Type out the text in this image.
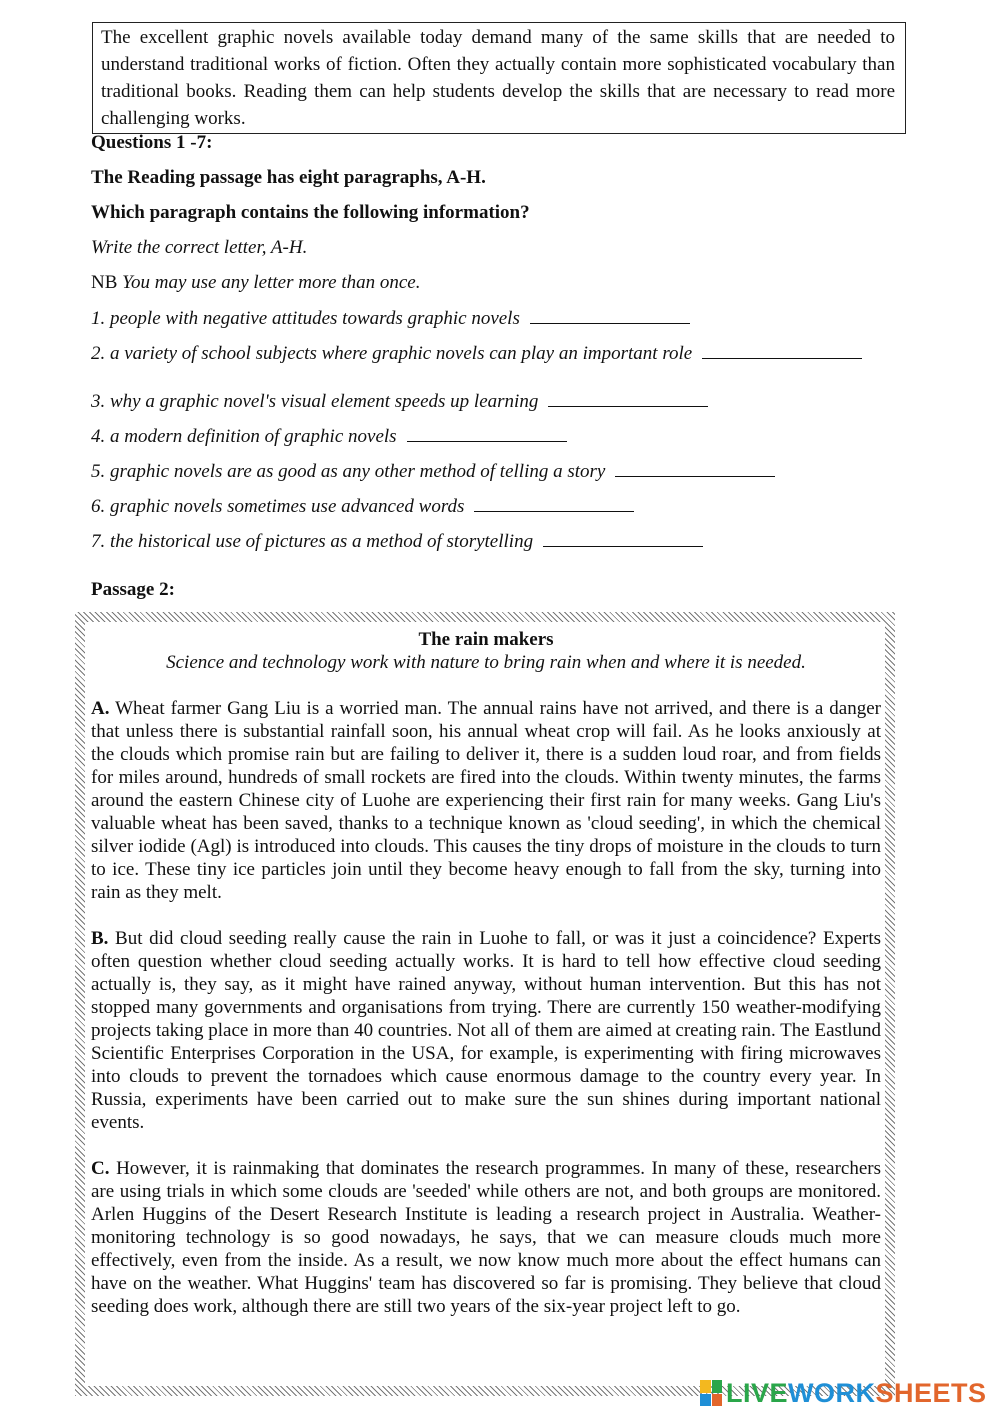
The excellent graphic novels available today demand many of the same skills that are needed to understand traditional works of fiction. Often they actually contain more sophisticated vocabulary than traditional books. Reading them can help students develop the skills that are necessary to read more challenging works.
Questions 1 -7:
The Reading passage has eight paragraphs, A-H.
Which paragraph contains the following information?
Write the correct letter, A-H.
NB You may use any letter more than once.
1. people with negative attitudes towards graphic novels
2. a variety of school subjects where graphic novels can play an important role
3. why a graphic novel's visual element speeds up learning
4. a modern definition of graphic novels
5. graphic novels are as good as any other method of telling a story
6. graphic novels sometimes use advanced words
7. the historical use of pictures as a method of storytelling
Passage 2:
The rain makers
Science and technology work with nature to bring rain when and where it is needed.

A. Wheat farmer Gang Liu is a worried man. The annual rains have not arrived, and there is a danger that unless there is substantial rainfall soon, his annual wheat crop will fail. As he looks anxiously at the clouds which promise rain but are failing to deliver it, there is a sudden loud roar, and from fields for miles around, hundreds of small rockets are fired into the clouds. Within twenty minutes, the farms around the eastern Chinese city of Luohe are experiencing their first rain for many weeks. Gang Liu's valuable wheat has been saved, thanks to a technique known as 'cloud seeding', in which the chemical silver iodide (Agl) is introduced into clouds. This causes the tiny drops of moisture in the clouds to turn to ice. These tiny ice particles join until they become heavy enough to fall from the sky, turning into rain as they melt.

B. But did cloud seeding really cause the rain in Luohe to fall, or was it just a coincidence? Experts often question whether cloud seeding actually works. It is hard to tell how effective cloud seeding actually is, they say, as it might have rained anyway, without human intervention. But this has not stopped many governments and organisations from trying. There are currently 150 weather-modifying projects taking place in more than 40 countries. Not all of them are aimed at creating rain. The Eastlund Scientific Enterprises Corporation in the USA, for example, is experimenting with firing microwaves into clouds to prevent the tornadoes which cause enormous damage to the country every year. In Russia, experiments have been carried out to make sure the sun shines during important national events.

C. However, it is rainmaking that dominates the research programmes. In many of these, researchers are using trials in which some clouds are 'seeded' while others are not, and both groups are monitored. Arlen Huggins of the Desert Research Institute is leading a research project in Australia. Weather-monitoring technology is so good nowadays, he says, that we can measure clouds much more effectively, even from the inside. As a result, we now know much more about the effect humans can have on the weather. What Huggins' team has discovered so far is promising. They believe that cloud seeding does work, although there are still two years of the six-year project left to go.

LIVE WORK SHEETS
